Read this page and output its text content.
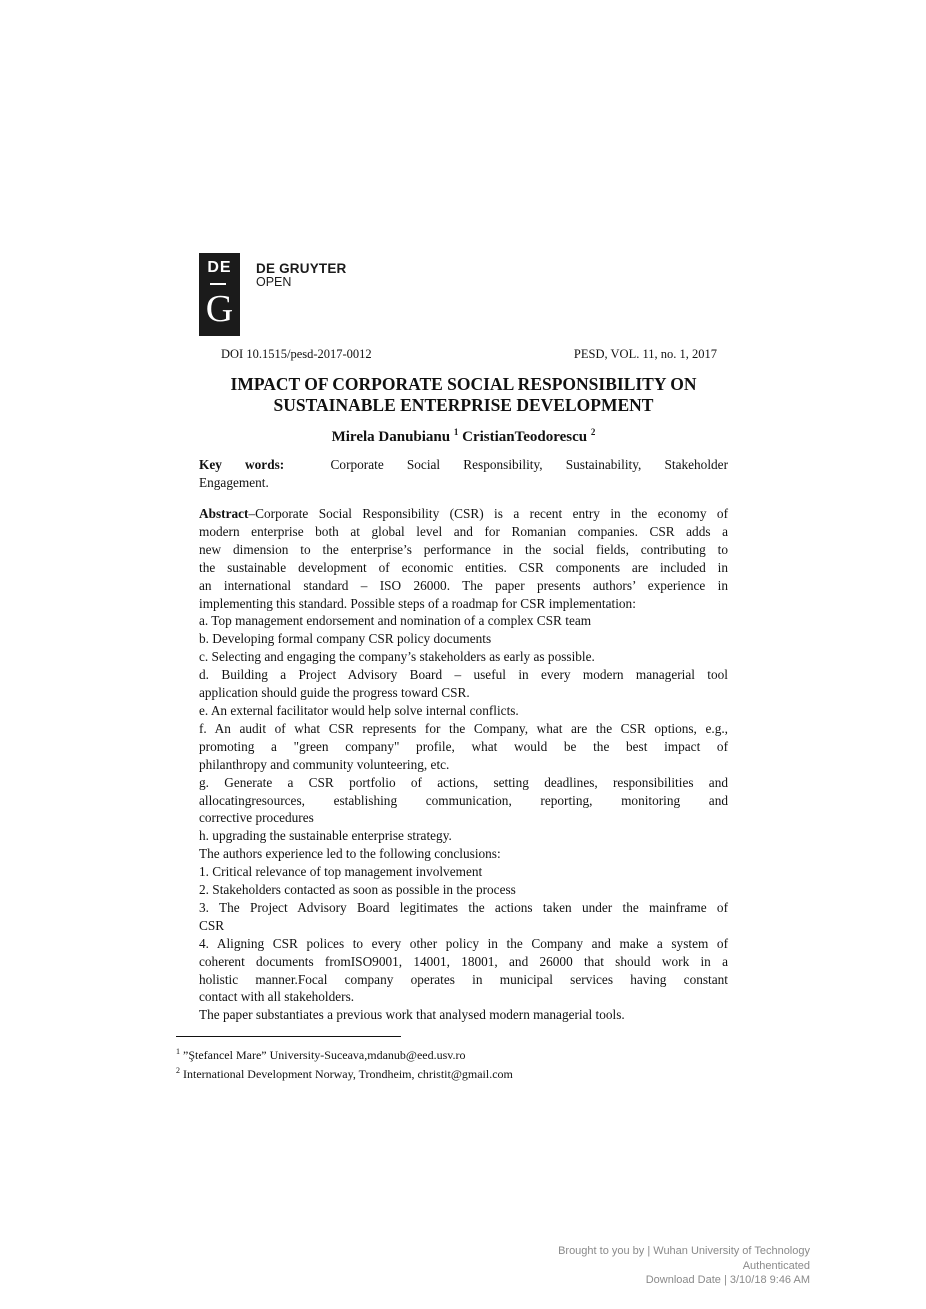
DE
G
DE GRUYTER
OPEN
DOI 10.1515/pesd-2017-0012	PESD, VOL. 11, no. 1, 2017
IMPACT OF CORPORATE SOCIAL RESPONSIBILITY ON
SUSTAINABLE ENTERPRISE DEVELOPMENT
Mirela Danubianu $^1$ CristianTeodorescu $^2$
Key words:	Corporate Social Responsibility, Sustainability, Stakeholder
Engagement.
Abstract–Corporate Social Responsibility (CSR) is a recent entry in the economy of
modern enterprise both at global level and for Romanian companies. CSR adds a
new dimension to the enterprise’s performance in the social fields, contributing to
the sustainable development of economic entities. CSR components are included in
an international standard – ISO 26000. The paper presents authors’ experience in
implementing this standard. Possible steps of a roadmap for CSR implementation:
a. Top management endorsement and nomination of a complex CSR team
b. Developing formal company CSR policy documents
c. Selecting and engaging the company’s stakeholders as early as possible.
d. Building a Project Advisory Board – useful in every modern managerial tool
application should guide the progress toward CSR.
e. An external facilitator would help solve internal conflicts.
f. An audit of what CSR represents for the Company, what are the CSR options, e.g.,
promoting a "green company" profile, what would be the best impact of
philanthropy and community volunteering, etc.
g. Generate a CSR portfolio of actions, setting deadlines, responsibilities and
allocatingresources, establishing communication, reporting, monitoring and
corrective procedures
h. upgrading the sustainable enterprise strategy.
The authors experience led to the following conclusions:
1. Critical relevance of top management involvement
2. Stakeholders contacted as soon as possible in the process
3. The Project Advisory Board legitimates the actions taken under the mainframe of
CSR
4. Aligning CSR polices to every other policy in the Company and make a system of
coherent documents fromISO9001, 14001, 18001, and 26000 that should work in a
holistic manner.Focal company operates in municipal services having constant
contact with all stakeholders.
The paper substantiates a previous work that analysed modern managerial tools.
$^1$ ”Ştefancel Mare” University-Suceava,mdanub@eed.usv.ro
$^2$ International Development Norway, Trondheim, christit@gmail.com
Brought to you by | Wuhan University of Technology
Authenticated
Download Date | 3/10/18 9:46 AM
